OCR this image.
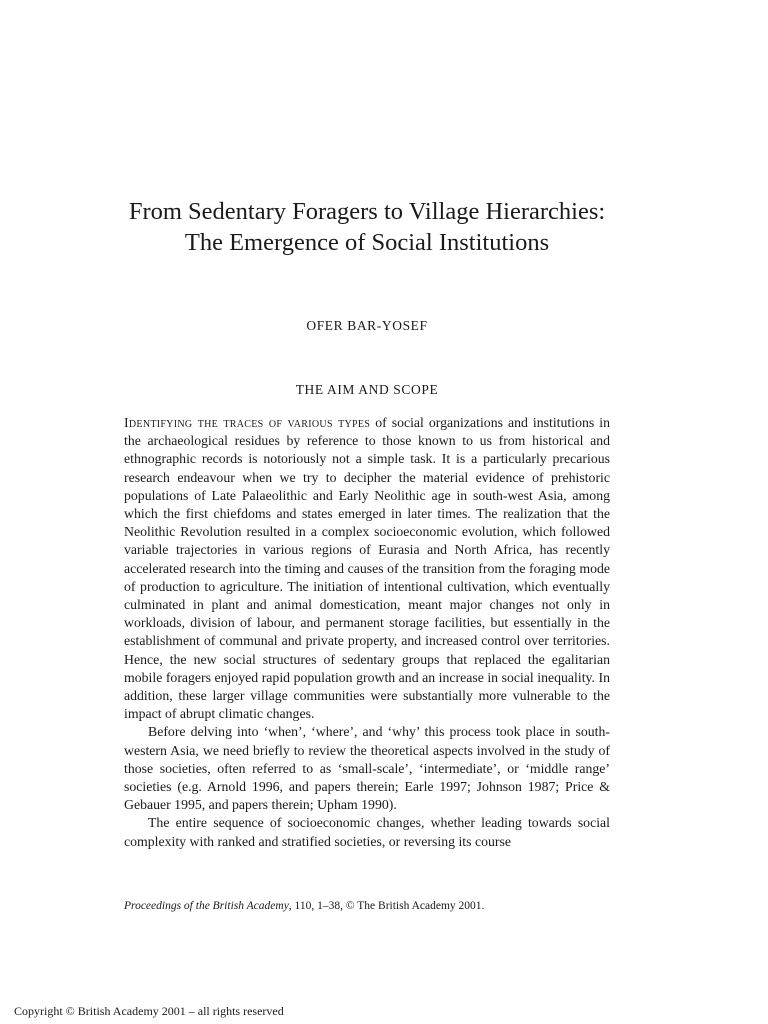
From Sedentary Foragers to Village Hierarchies: The Emergence of Social Institutions

OFER BAR-YOSEF

THE AIM AND SCOPE

Identifying the traces of various types of social organizations and institutions in the archaeological residues by reference to those known to us from historical and ethnographic records is notoriously not a simple task. It is a particularly precarious research endeavour when we try to decipher the material evidence of prehistoric populations of Late Palaeolithic and Early Neolithic age in south-west Asia, among which the first chiefdoms and states emerged in later times. The realization that the Neolithic Revolution resulted in a complex socioeconomic evolution, which followed variable trajectories in various regions of Eurasia and North Africa, has recently accelerated research into the timing and causes of the transition from the foraging mode of production to agriculture. The initiation of intentional cultivation, which eventually culminated in plant and animal domestication, meant major changes not only in workloads, division of labour, and permanent storage facilities, but essentially in the establishment of communal and private property, and increased control over territories. Hence, the new social structures of sedentary groups that replaced the egalitarian mobile foragers enjoyed rapid population growth and an increase in social inequality. In addition, these larger village communities were substantially more vulnerable to the impact of abrupt climatic changes.

Before delving into ‘when’, ‘where’, and ‘why’ this process took place in south-western Asia, we need briefly to review the theoretical aspects involved in the study of those societies, often referred to as ‘small-scale’, ‘intermediate’, or ‘middle range’ societies (e.g. Arnold 1996, and papers therein; Earle 1997; Johnson 1987; Price & Gebauer 1995, and papers therein; Upham 1990).

The entire sequence of socioeconomic changes, whether leading towards social complexity with ranked and stratified societies, or reversing its course

Proceedings of the British Academy, 110, 1–38, © The British Academy 2001.

Copyright © British Academy 2001 – all rights reserved
